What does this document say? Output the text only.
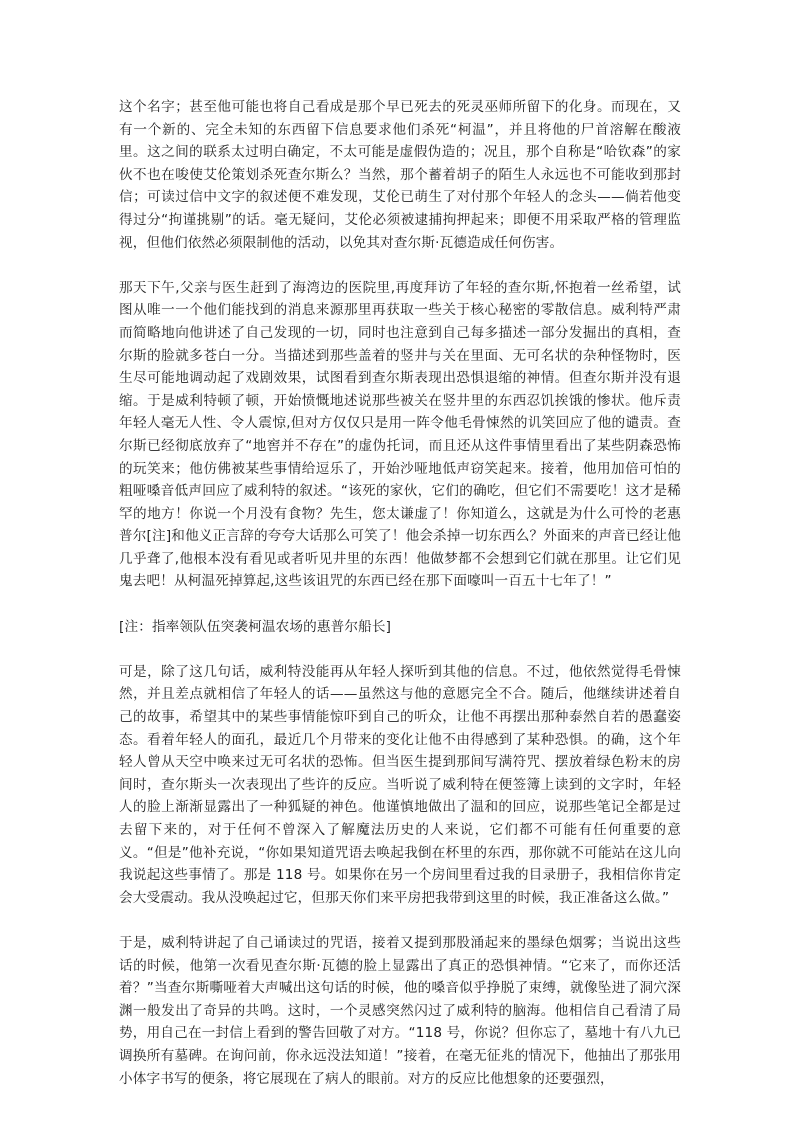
这个名字；甚至他可能也将自己看成是那个早已死去的死灵巫师所留下的化身。而现在，又有一个新的、完全未知的东西留下信息要求他们杀死“柯温”，并且将他的尸首溶解在酸液里。这之间的联系太过明白确定，不太可能是虚假伪造的；况且，那个自称是“哈钦森”的家伙不也在唆使艾伦策划杀死查尔斯么？当然，那个蓄着胡子的陌生人永远也不可能收到那封信；可读过信中文字的叙述便不难发现，艾伦已萌生了对付那个年轻人的念头——倘若他变得过分“拘谨挑剔”的话。毫无疑问，艾伦必须被逮捕拘押起来；即便不用采取严格的管理监视，但他们依然必须限制他的活动，以免其对查尔斯·瓦德造成任何伤害。

那天下午,父亲与医生赶到了海湾边的医院里,再度拜访了年轻的查尔斯,怀抱着一丝希望，试图从唯一一个他们能找到的消息来源那里再获取一些关于核心秘密的零散信息。威利特严肃而简略地向他讲述了自己发现的一切，同时也注意到自己每多描述一部分发掘出的真相，查尔斯的脸就多苍白一分。当描述到那些盖着的竖井与关在里面、无可名状的杂种怪物时，医生尽可能地调动起了戏剧效果，试图看到查尔斯表现出恐惧退缩的神情。但查尔斯并没有退缩。于是威利特顿了顿，开始愤慨地述说那些被关在竖井里的东西忍饥挨饿的惨状。他斥责年轻人毫无人性、令人震惊,但对方仅仅只是用一阵令他毛骨悚然的讥笑回应了他的谴责。查尔斯已经彻底放弃了“地窖并不存在”的虚伪托词，而且还从这件事情里看出了某些阴森恐怖的玩笑来；他仿佛被某些事情给逗乐了，开始沙哑地低声窃笑起来。接着，他用加倍可怕的粗哑嗓音低声回应了威利特的叙述。“该死的家伙，它们的确吃，但它们不需要吃！这才是稀罕的地方！你说一个月没有食物？先生，您太谦虚了！你知道么，这就是为什么可怜的老惠普尔[注]和他义正言辞的夸夸大话那么可笑了！他会杀掉一切东西么？外面来的声音已经让他几乎聋了,他根本没有看见或者听见井里的东西！他做梦都不会想到它们就在那里。让它们见鬼去吧！从柯温死掉算起,这些该诅咒的东西已经在那下面嚎叫一百五十七年了！”

[注：指率领队伍突袭柯温农场的惠普尔船长]

可是，除了这几句话，威利特没能再从年轻人探听到其他的信息。不过，他依然觉得毛骨悚然，并且差点就相信了年轻人的话——虽然这与他的意愿完全不合。随后，他继续讲述着自己的故事，希望其中的某些事情能惊吓到自己的听众，让他不再摆出那种泰然自若的愚蠢姿态。看着年轻人的面孔，最近几个月带来的变化让他不由得感到了某种恐惧。的确，这个年轻人曾从天空中唤来过无可名状的恐怖。但当医生提到那间写满符咒、摆放着绿色粉末的房间时，查尔斯头一次表现出了些许的反应。当听说了威利特在便签簿上读到的文字时，年轻人的脸上渐渐显露出了一种狐疑的神色。他谨慎地做出了温和的回应，说那些笔记全都是过去留下来的，对于任何不曾深入了解魔法历史的人来说，它们都不可能有任何重要的意义。“但是”他补充说，“你如果知道咒语去唤起我倒在杯里的东西，那你就不可能站在这儿向我说起这些事情了。那是 118 号。如果你在另一个房间里看过我的目录册子，我相信你肯定会大受震动。我从没唤起过它，但那天你们来平房把我带到这里的时候，我正准备这么做。”

于是，威利特讲起了自己诵读过的咒语，接着又提到那股涌起来的墨绿色烟雾；当说出这些话的时候，他第一次看见查尔斯·瓦德的脸上显露出了真正的恐惧神情。“它来了，而你还活着？”当查尔斯嘶哑着大声喊出这句话的时候，他的嗓音似乎挣脱了束缚，就像坠进了洞穴深渊一般发出了奇异的共鸣。这时，一个灵感突然闪过了威利特的脑海。他相信自己看清了局势，用自己在一封信上看到的警告回敬了对方。“118 号，你说？但你忘了，墓地十有八九已调换所有墓碑。在询问前，你永远没法知道！”接着，在毫无征兆的情况下，他抽出了那张用小体字书写的便条，将它展现在了病人的眼前。对方的反应比他想象的还要强烈，
